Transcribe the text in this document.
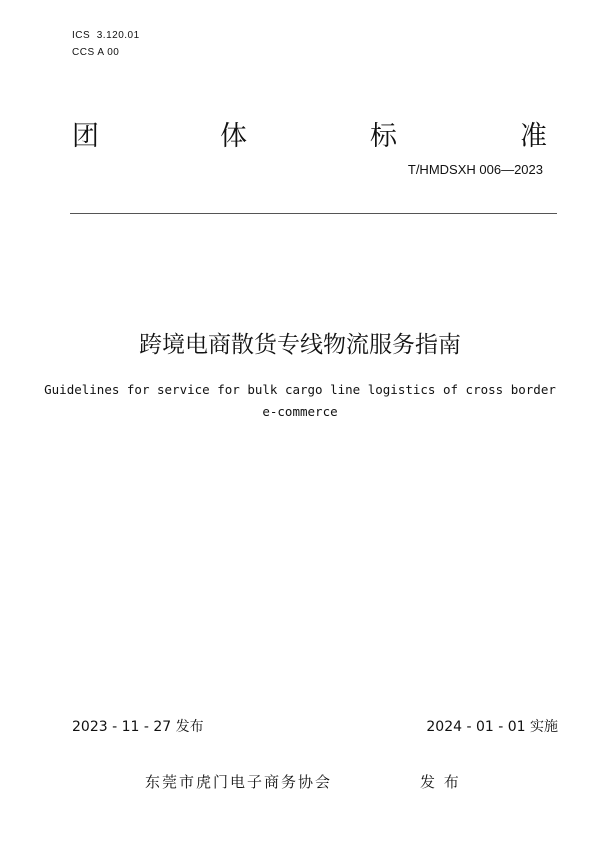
ICS  3.120.01
CCS A 00
团	体	标	准
T/HMDSXH 006—2023
跨境电商散货专线物流服务指南
Guidelines for service for bulk cargo line logistics of cross border
e-commerce
2023 - 11 - 27 发布	2024 - 01 - 01 实施
东莞市虎门电子商务协会	发 布
